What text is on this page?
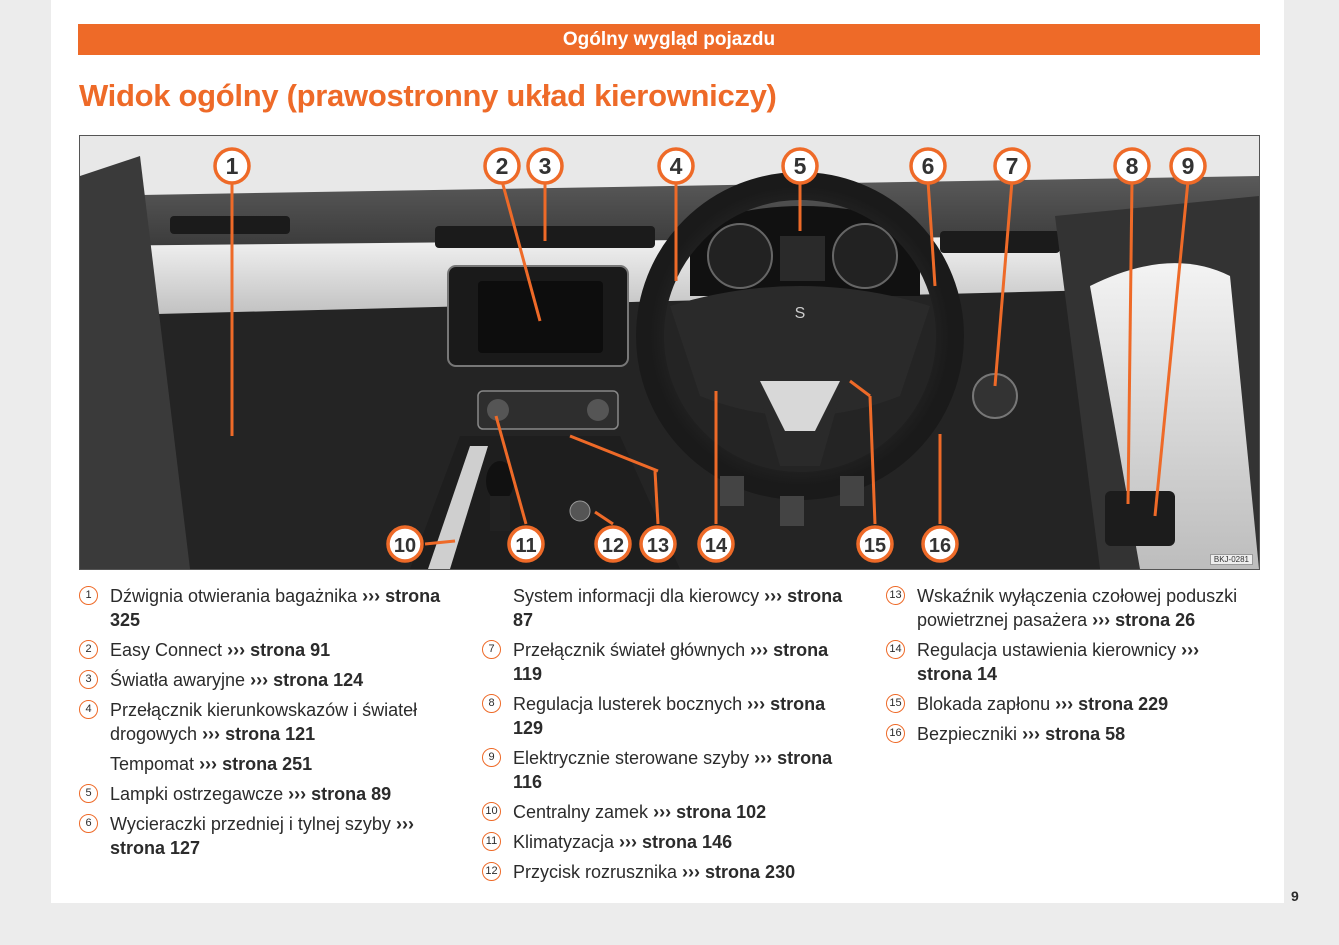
Ogólny wygląd pojazdu
Widok ogólny (prawostronny układ kierowniczy)
S
1	2 3	4	5	6	7	8 9
10	11	12 13 14	15 16
BKJ-0281
1	Dźwignia otwierania bagażnika ››› strona 325
2	Easy Connect ››› strona 91
3	Światła awaryjne ››› strona 124
4	Przełącznik kierunkowskazów i świateł drogowych ››› strona 121
Tempomat ››› strona 251
5	Lampki ostrzegawcze ››› strona 89
6	Wycieraczki przedniej i tylnej szyby ››› strona 127
System informacji dla kierowcy ››› strona 87
7	Przełącznik świateł głównych ››› strona 119
8	Regulacja lusterek bocznych ››› strona 129
9	Elektrycznie sterowane szyby ››› strona 116
10 Centralny zamek ››› strona 102
11 Klimatyzacja ››› strona 146
12 Przycisk rozrusznika ››› strona 230
13 Wskaźnik wyłączenia czołowej poduszki powietrznej pasażera ››› strona 26
14 Regulacja ustawienia kierownicy ››› strona 14
15 Blokada zapłonu ››› strona 229
16 Bezpieczniki ››› strona 58
9
